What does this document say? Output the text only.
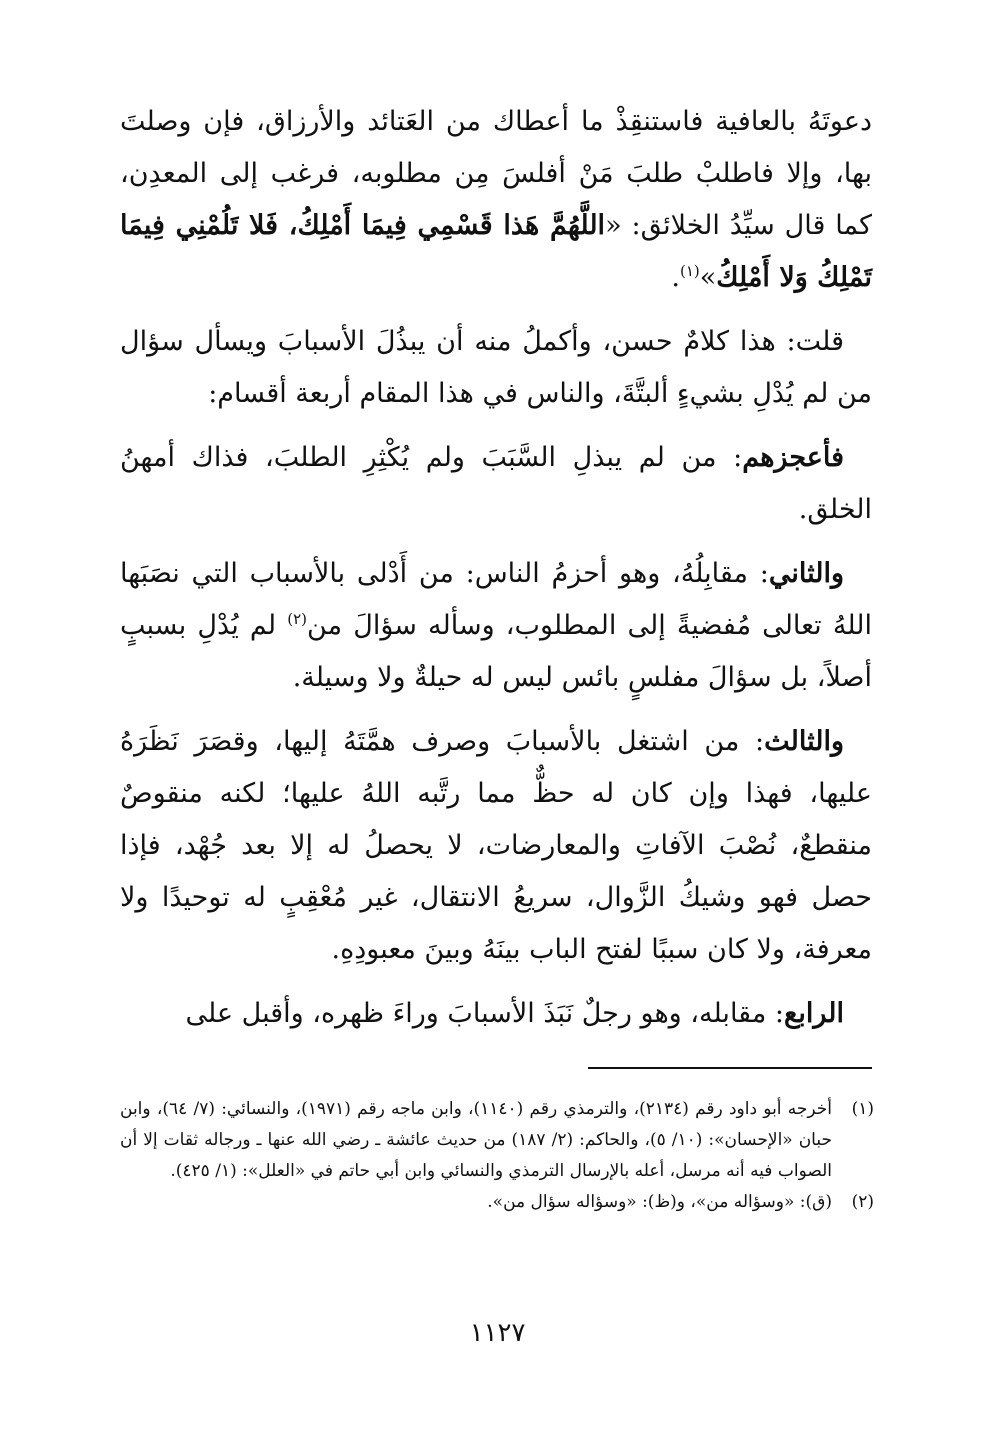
دعوتَهُ بالعافية فاستنقِذْ ما أعطاك من العَتائد والأرزاق، فإن وصلتَ بها، وإلا فاطلبْ طلبَ مَنْ أفلسَ مِن مطلوبه، فرغب إلى المعدِن، كما قال سيِّدُ الخلائق: «اللَّهُمَّ هَذا قَسْمِي فِيمَا أَمْلِكُ، فَلا تَلُمْنِي فِيمَا تَمْلِكُ وَلا أَمْلِكُ»$^{(١)}$.

قلت: هذا كلامٌ حسن، وأكملُ منه أن يبذُلَ الأسبابَ ويسأل سؤال من لم يُدْلِ بشيءٍ ألبتَّةَ، والناس في هذا المقام أربعة أقسام:

فأعجزهم: من لم يبذلِ السَّبَبَ ولم يُكْثِرِ الطلبَ، فذاك أمهنُ الخلق.

والثاني: مقابِلُهُ، وهو أحزمُ الناس: من أَدْلى بالأسباب التي نصَبَها اللهُ تعالى مُفضيةً إلى المطلوب، وسأله سؤالَ من$^{(٢)}$ لم يُدْلِ بسببٍ أصلاً، بل سؤالَ مفلسٍ بائس ليس له حيلةٌ ولا وسيلة.

والثالث: من اشتغل بالأسبابَ وصرف همَّتَهُ إليها، وقصَرَ نَظَرَهُ عليها، فهذا وإن كان له حظٌّ مما رتَّبه اللهُ عليها؛ لكنه منقوصٌ منقطعٌ، نُصْبَ الآفاتِ والمعارضات، لا يحصلُ له إلا بعد جُهْد، فإذا حصل فهو وشيكُ الزَّوال، سريعُ الانتقال، غير مُعْقِبٍ له توحيدًا ولا معرفة، ولا كان سببًا لفتح الباب بينَهُ وبينَ معبودِهِ.

الرابع: مقابله، وهو رجلٌ نَبَذَ الأسبابَ وراءَ ظهره، وأقبل على

(١)
أخرجه أبو داود رقم (٢١٣٤)، والترمذي رقم (١١٤٠)، وابن ماجه رقم (١٩٧١)، والنسائي: (٧/ ٦٤)، وابن حبان «الإحسان»: (١٠/ ٥)، والحاكم: (٢/ ١٨٧) من حديث عائشة ـ رضي الله عنها ـ ورجاله ثقات إلا أن الصواب فيه أنه مرسل، أعله بالإرسال الترمذي والنسائي وابن أبي حاتم في «العلل»: (١/ ٤٢٥).
(٢)
(ق): «وسؤاله من»، و(ظ): «وسؤاله سؤال من».
١١٢٧
